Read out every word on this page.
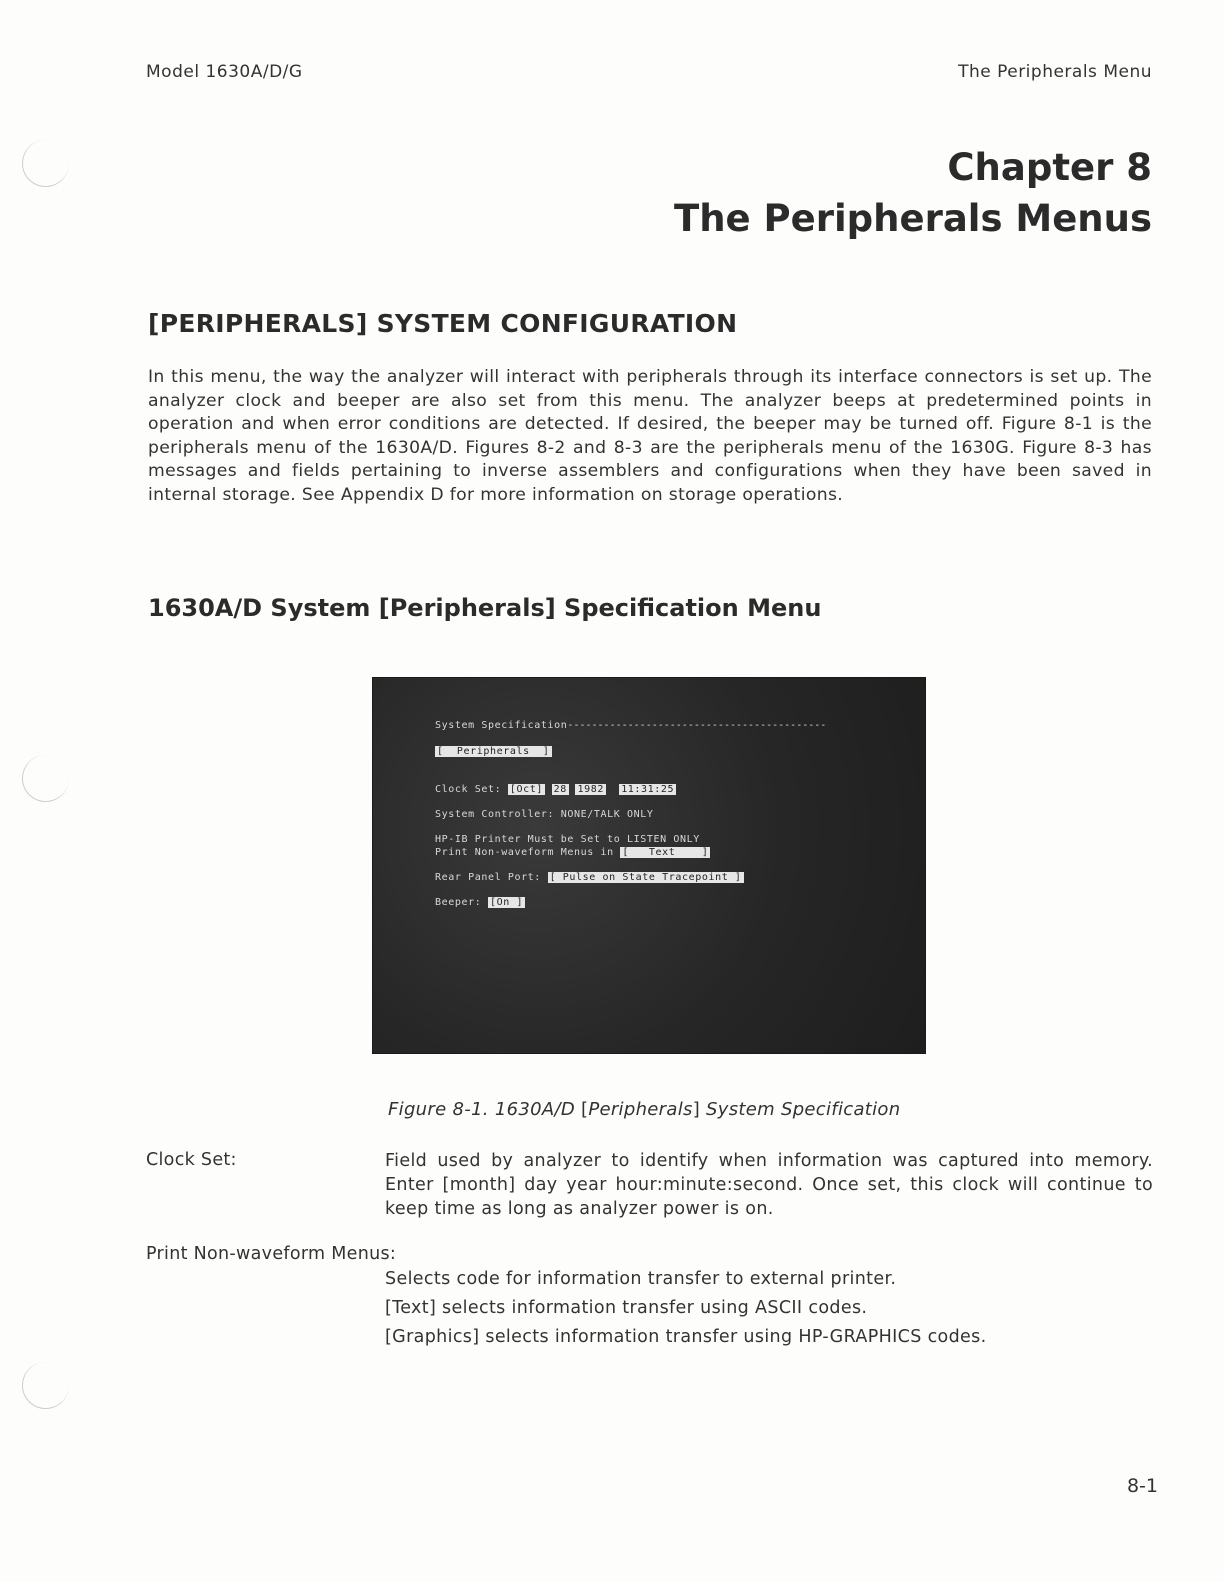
Model 1630A/D/G	The Peripherals Menu
Chapter 8
The Peripherals Menus
[PERIPHERALS] SYSTEM CONFIGURATION
In this menu, the way the analyzer will interact with peripherals through its interface connectors is set up. The analyzer clock and beeper are also set from this menu. The analyzer beeps at predetermined points in operation and when error conditions are detected. If desired, the beeper may be turned off. Figure 8-1 is the peripherals menu of the 1630A/D. Figures 8-2 and 8-3 are the peripherals menu of the 1630G. Figure 8-3 has messages and fields pertaining to inverse assemblers and configurations when they have been saved in internal storage. See Appendix D for more information on storage operations.
1630A/D System [Peripherals] Specification Menu
System Specification-------------------------------------------
[  Peripherals  ]
Clock Set: [Oct] 28 1982 11:31:25
System Controller: NONE/TALK ONLY
HP-IB Printer Must be Set to LISTEN ONLY
Print Non-waveform Menus in [   Text    ]
Rear Panel Port: [ Pulse on State Tracepoint ]
Beeper: [On ]
Figure 8-1. 1630A/D [Peripherals] System Specification
Clock Set:	Field used by analyzer to identify when information was captured into memory. Enter [month] day year hour:minute:second. Once set, this clock will continue to keep time as long as analyzer power is on.
Print Non-waveform Menus:
Selects code for information transfer to external printer.
[Text] selects information transfer using ASCII codes.
[Graphics] selects information transfer using HP-GRAPHICS codes.
8-1
